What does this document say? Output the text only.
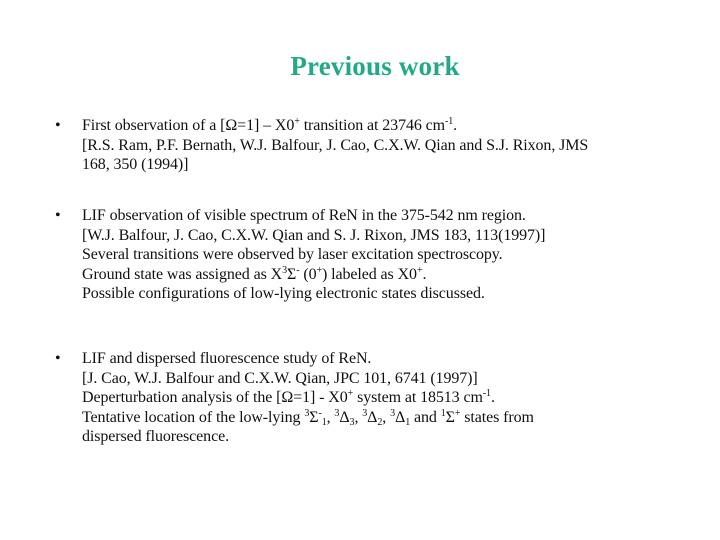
Previous work
• First observation of a [Ω=1] – X0+ transition at 23746 $cm^{-1}$.
[R.S. Ram, P.F. Bernath, W.J. Balfour, J. Cao, C.X.W. Qian and S.J. Rixon, JMS
168, 350 (1994)]
• LIF observation of visible spectrum of ReN in the 375-542 nm region.
[W.J. Balfour, J. Cao, C.X.W. Qian and S. J. Rixon, JMS 183, 113(1997)]
Several transitions were observed by laser excitation spectroscopy.
Ground state was assigned as $X^3\Sigma^-$ (0+) labeled as X0+.
Possible configurations of low-lying electronic states discussed.
• LIF and dispersed fluorescence study of ReN.
[J. Cao, W.J. Balfour and C.X.W. Qian, JPC 101, 6741 (1997)]
Deperturbation analysis of the [Ω=1] - X0+ system at 18513 $cm^{-1}$.
Tentative location of the low-lying $^3\Sigma^-_1$, $^3\Delta_3$, $^3\Delta_2$, $^3\Delta_1$ and $^1$Σ+ states from
dispersed fluorescence.
